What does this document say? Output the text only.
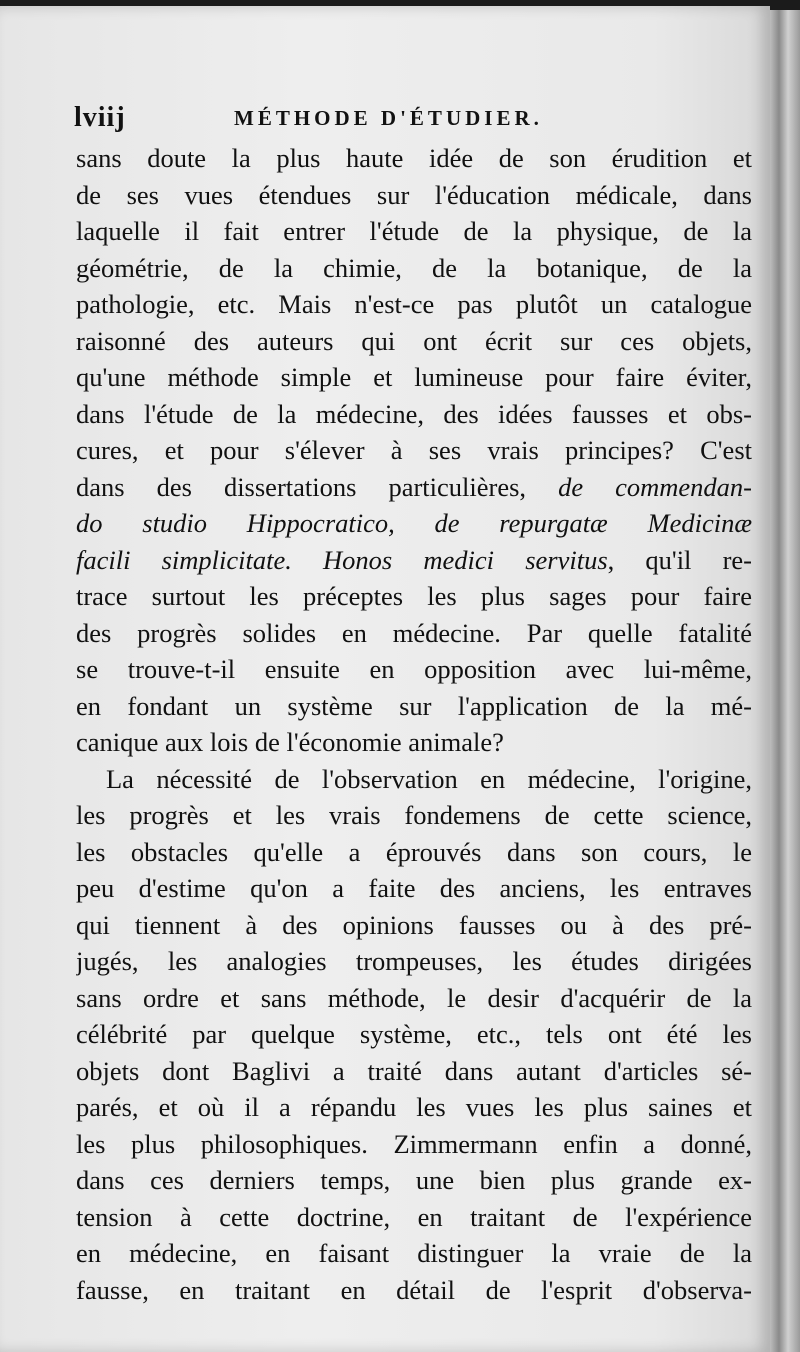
lviij	MÉTHODE D'ÉTUDIER.
sans doute la plus haute idée de son érudition et
de ses vues étendues sur l'éducation médicale, dans
laquelle il fait entrer l'étude de la physique, de la
géométrie, de la chimie, de la botanique, de la
pathologie, etc. Mais n'est-ce pas plutôt un catalogue
raisonné des auteurs qui ont écrit sur ces objets,
qu'une méthode simple et lumineuse pour faire éviter,
dans l'étude de la médecine, des idées fausses et obs-
cures, et pour s'élever à ses vrais principes? C'est
dans des dissertations particulières, de commendan-
do studio Hippocratico, de repurgatæ Medicinæ
facili simplicitate. Honos medici servitus, qu'il re-
trace surtout les préceptes les plus sages pour faire
des progrès solides en médecine. Par quelle fatalité
se trouve-t-il ensuite en opposition avec lui-même,
en fondant un système sur l'application de la mé-
canique aux lois de l'économie animale?
La nécessité de l'observation en médecine, l'origine,
les progrès et les vrais fondemens de cette science,
les obstacles qu'elle a éprouvés dans son cours, le
peu d'estime qu'on a faite des anciens, les entraves
qui tiennent à des opinions fausses ou à des pré-
jugés, les analogies trompeuses, les études dirigées
sans ordre et sans méthode, le desir d'acquérir de la
célébrité par quelque système, etc., tels ont été les
objets dont Baglivi a traité dans autant d'articles sé-
parés, et où il a répandu les vues les plus saines et
les plus philosophiques. Zimmermann enfin a donné,
dans ces derniers temps, une bien plus grande ex-
tension à cette doctrine, en traitant de l'expérience
en médecine, en faisant distinguer la vraie de la
fausse, en traitant en détail de l'esprit d'observa-
